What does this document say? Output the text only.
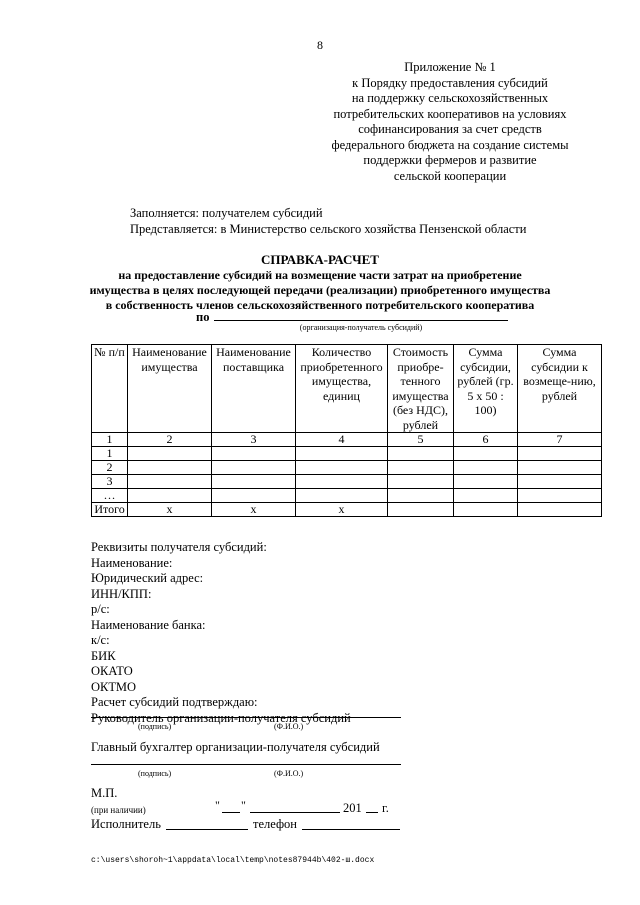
8
Приложение № 1
к Порядку предоставления субсидий
на поддержку сельскохозяйственных
потребительских кооперативов на условиях
софинансирования за счет средств
федерального бюджета на создание системы
поддержки фермеров и развитие
сельской кооперации
Заполняется: получателем субсидий
Представляется: в Министерство сельского хозяйства Пензенской области
СПРАВКА-РАСЧЕТ
на предоставление субсидий на возмещение части затрат на приобретение
имущества в целях последующей передачи (реализации) приобретенного имущества
в собственность членов сельскохозяйственного потребительского кооператива
по
(организация-получатель субсидий)
№ п/п	Наименование имущества	Наименование поставщика	Количество приобретенного имущества, единиц	Стоимость приобре-тенного имущества (без НДС), рублей	Сумма субсидии, рублей (гр. 5 х 50 : 100)	Сумма субсидии к возмеще-нию, рублей
1	2	3	4	5	6	7
1						
2						
3						
…						
Итого	х	х	х			
Реквизиты получателя субсидий:
Наименование:
Юридический адрес:
ИНН/КПП:
р/с:
Наименование банка:
к/с:
БИК
ОКАТО
ОКТМО
Расчет субсидий подтверждаю:
Руководитель организации-получателя субсидий
(подпись)	(Ф.И.О.)
Главный бухгалтер организации-получателя субсидий
(подпись)	(Ф.И.О.)
М.П.
(при наличии)	" "	201 г.
Исполнитель	телефон
c:\users\shoroh~1\appdata\local\temp\notes87944b\402-ш.docx
